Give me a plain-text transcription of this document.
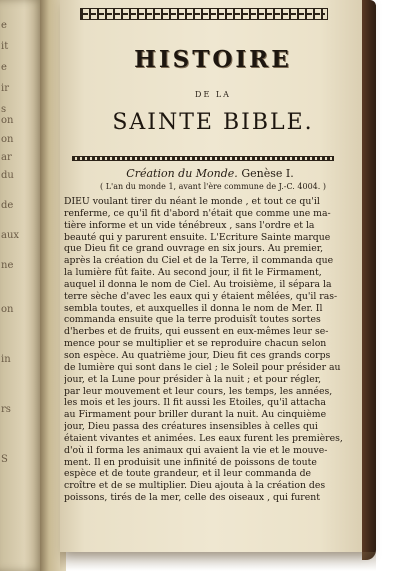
e
it
e
ir
s
on
on
ar
du
de
aux
ne
on
in
rs
S
HISTOIRE
DE LA
SAINTE BIBLE.
Création du Monde. Genèse I.
( L'an du monde 1, avant l'ère commune de J.-C. 4004. )
DIEU voulant tirer du néant le monde , et tout ce qu'il
renferme, ce qu'il fit d'abord n'était que comme une ma-
tière informe et un vide ténébreux , sans l'ordre et la
beauté qui y parurent ensuite. L'Ecriture Sainte marque
que Dieu fit ce grand ouvrage en six jours. Au premier,
après la création du Ciel et de la Terre, il commanda que
la lumière fût faite. Au second jour, il fit le Firmament,
auquel il donna le nom de Ciel. Au troisième, il sépara la
terre sèche d'avec les eaux qui y étaient mêlées, qu'il ras-
sembla toutes, et auxquelles il donna le nom de Mer. Il
commanda ensuite que la terre produisît toutes sortes
d'herbes et de fruits, qui eussent en eux-mêmes leur se-
mence pour se multiplier et se reproduire chacun selon
son espèce. Au quatrième jour, Dieu fit ces grands corps
de lumière qui sont dans le ciel ; le Soleil pour présider au
jour, et la Lune pour présider à la nuit ; et pour régler,
par leur mouvement et leur cours, les temps, les années,
les mois et les jours. Il fit aussi les Etoiles, qu'il attacha
au Firmament pour briller durant la nuit. Au cinquième
jour, Dieu passa des créatures insensibles à celles qui
étaient vivantes et animées. Les eaux furent les premières,
d'où il forma les animaux qui avaient la vie et le mouve-
ment. Il en produisit une infinité de poissons de toute
espèce et de toute grandeur, et il leur commanda de
croître et de se multiplier. Dieu ajouta à la création des
poissons, tirés de la mer, celle des oiseaux , qui furent
